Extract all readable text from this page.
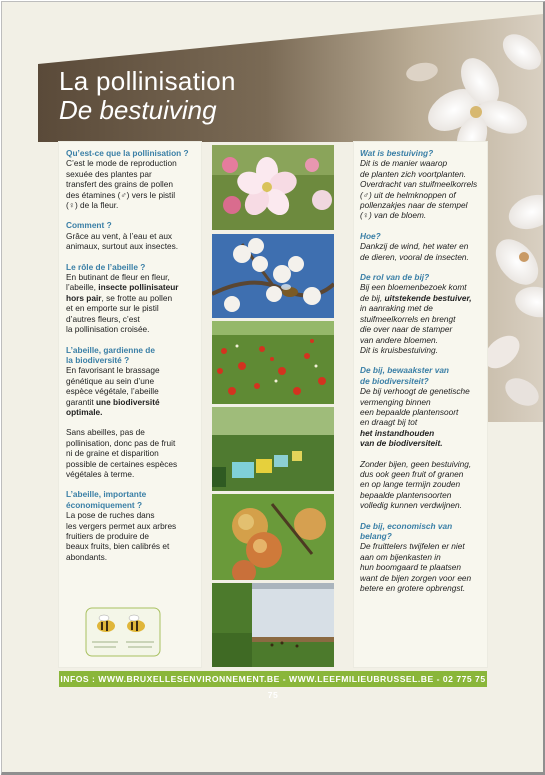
La pollinisation
De bestuiving
Qu’est-ce que la pollinisation ?
C’est le mode de reproduction
sexuée des plantes par
transfert des grains de pollen
des étamines (♂) vers le pistil
(♀) de la fleur.
Comment ?
Grâce au vent, à l’eau et aux
animaux, surtout aux insectes.
Le rôle de l’abeille ?
En butinant de fleur en fleur,
l’abeille, insecte pollinisateur
hors pair, se frotte au pollen
et en emporte sur le pistil
d’autres fleurs, c’est
la pollinisation croisée.
L’abeille, gardienne de
la biodiversité ?
En favorisant le brassage
génétique au sein d’une
espèce végétale, l’abeille
garantit une biodiversité
optimale.
Sans abeilles, pas de
pollinisation, donc pas de fruit
ni de graine et disparition
possible de certaines espèces
végétales à terme.
L’abeille, importante
économiquement ?
La pose de ruches dans
les vergers permet aux arbres
fruitiers de produire de
beaux fruits, bien calibrés et
abondants.
Wat is bestuiving?
Dit is de manier waarop
de planten zich voortplanten.
Overdracht van stuifmeelkorrels
(♂) uit de helmknoppen of
pollenzakjes naar de stempel
(♀) van de bloem.
Hoe?
Dankzij de wind, het water en
de dieren, vooral de insecten.
De rol van de bij?
Bij een bloemenbezoek komt
de bij, uitstekende bestuiver,
in aanraking met de
stuifmeelkorrels en brengt
die over naar de stamper
van andere bloemen.
Dit is kruisbestuiving.
De bij, bewaakster van
de biodiversiteit?
De bij verhoogt de genetische
vermenging binnen
een bepaalde plantensoort
en draagt bij tot
het instandhouden
van de biodiversiteit.
Zonder bijen, geen bestuiving,
dus ook geen fruit of granen
en op lange termijn zouden
bepaalde plantensoorten
volledig kunnen verdwijnen.
De bij, economisch van belang?
De fruittelers twijfelen er niet
aan om bijenkasten in
hun boomgaard te plaatsen
want de bijen zorgen voor een
betere en grotere opbrengst.
INFOS : WWW.BRUXELLESENVIRONNEMENT.BE - WWW.LEEFMILIEUBRUSSEL.BE - 02 775 75 75
